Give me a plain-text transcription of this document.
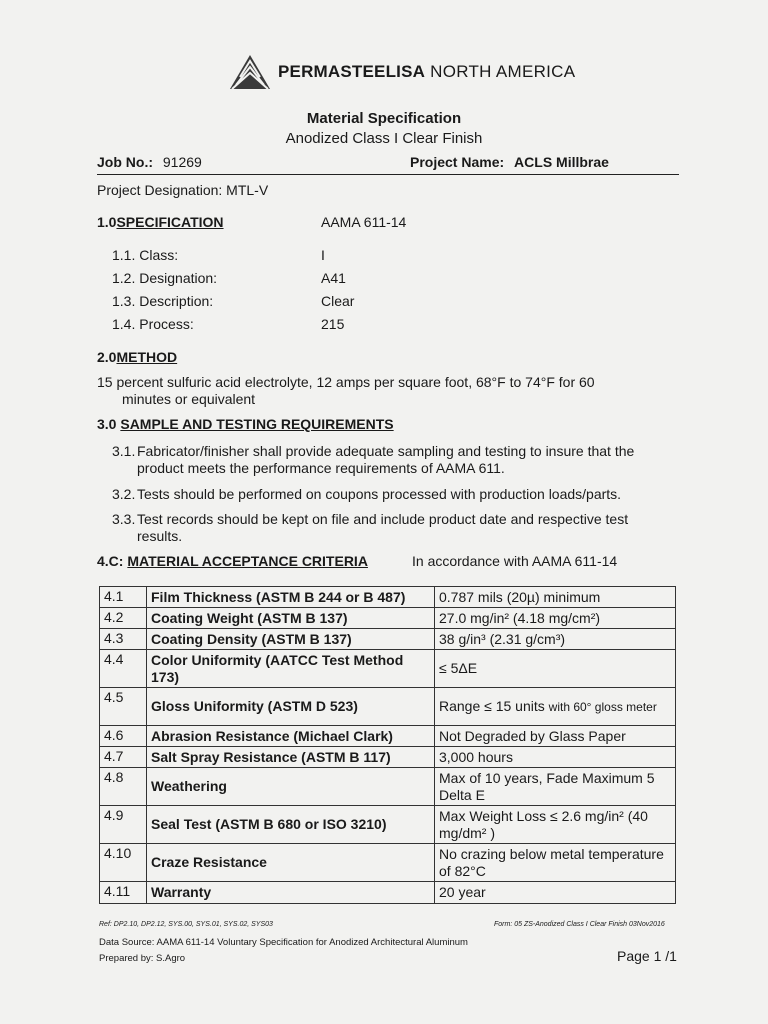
PERMASTEELISA NORTH AMERICA
Material Specification
Anodized Class I Clear Finish
Job No.: 91269	Project Name: ACLS Millbrae
Project Designation: MTL-V
1.0SPECIFICATION	AAMA 611-14
1.1. Class:	I
1.2. Designation:	A41
1.3. Description:	Clear
1.4. Process:	215
2.0METHOD
15 percent sulfuric acid electrolyte, 12 amps per square foot, 68°F to 74°F for 60
minutes or equivalent
3.0 SAMPLE AND TESTING REQUIREMENTS
3.1. Fabricator/finisher shall provide adequate sampling and testing to insure that the
product meets the performance requirements of AAMA 611.
3.2. Tests should be performed on coupons processed with production loads/parts.
3.3. Test records should be kept on file and include product date and respective test
results.
4.C: MATERIAL ACCEPTANCE CRITERIA	In accordance with AAMA 611-14
4.1	Film Thickness (ASTM B 244 or B 487)	0.787 mils (20µ) minimum
4.2	Coating Weight (ASTM B 137)	27.0 mg/in² (4.18 mg/cm²)
4.3	Coating Density (ASTM B 137)	38 g/in³ (2.31 g/cm³)
4.4	Color Uniformity (AATCC Test Method 173)	≤ 5ΔE
4.5	Gloss Uniformity (ASTM D 523)	Range ≤ 15 units with 60° gloss meter
4.6	Abrasion Resistance (Michael Clark)	Not Degraded by Glass Paper
4.7	Salt Spray Resistance (ASTM B 117)	3,000 hours
4.8	Weathering	Max of 10 years, Fade Maximum 5 Delta E
4.9	Seal Test (ASTM B 680 or ISO 3210)	Max Weight Loss ≤ 2.6 mg/in² (40 mg/dm² )
4.10	Craze Resistance	No crazing below metal temperature of 82°C
4.11	Warranty	20 year
Ref: DP2.10, DP2.12, SYS.00, SYS.01, SYS.02, SYS03	Form: 05 ZS-Anodized Class I Clear Finish 03Nov2016
Data Source: AAMA 611-14 Voluntary Specification for Anodized Architectural Aluminum
Prepared by: S.Agro	Page 1 /1
